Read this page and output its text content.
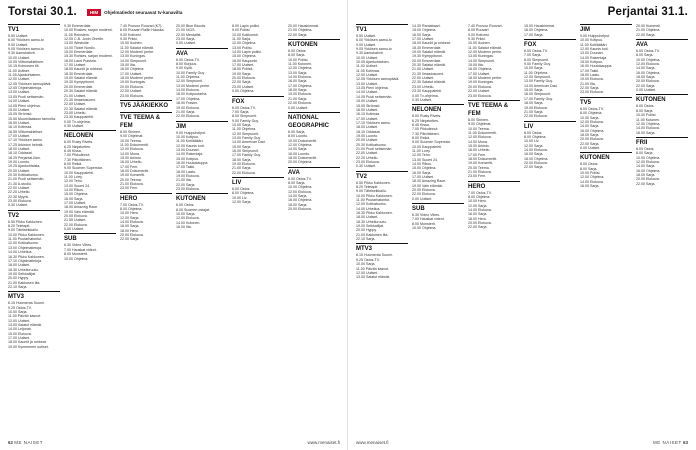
Torstai 30.1.	HIM	Ohjelmatiedot seuraavat tv-kanavilta
TV1
5.50 Uutiset.
6.00 Ykkösen aamu-tv.
9.00 Uutiset.
9.05 Ykkösen aamu-tv.
9.30 Aamukahvit.
10.00 Uutiset.
10.05 Viittomakielinen.
10.15 Kolmosen tili.
11.00 Uutiset.
11.05 Ajankohtainen.
12.00 Uutiset.
12.05 Ykkösen aamupäivä.
12.45 Ohjelmatietoja.
13.00 Uutiset.
13.05 Puoli seitsemän.
14.00 Uutiset.
14.05 Pieni ohjelma.
15.00 Uutiset.
15.05 Strömsö.
15.50 Muumilaakson tarinoita.
16.00 Uutiset.
16.10 Kotimaa.
16.55 Viittomakieliset.
17.00 Uutiset.
17.10 Ykkösen aamu.
17.25 Arkiston helmiä.
18.00 Uutiset.
18.10 Oddasat.
18.25 Perjantai-illan.
19.00 Luonto.
19.25 Ajankohtaista.
20.00 Uutiset.
20.30 Kotikatsomo.
21.00 Puoli seitsemän.
21.30 A-studio.
22.00 Uutiset.
22.20 Urheilu.
22.30 Myyrä.
23.00 Elokuva.
0.30 Uutiset.
TV2
6.50 Pikku Kakkonen.
8.20 Teletapit.
9.00 Tähtiseikkailu.
10.00 Pikku Kakkonen.
11.00 Puutarhatontut.
12.00 Kotikatsomo.
13.00 Ohjelmatietoja.
14.00 Urheilua.
16.30 Pikku Kakkonen.
17.10 Ohjelmatietoja.
18.00 Uutiset.
18.30 Urheiluruutu.
19.00 Seikkailijat.
20.00 Hyppy.
21.00 Kakkosen ilta.
22.10 Sarja.
MTV3
6.15 Huomenta Suomi.
9.25 Ostos-TV.
10.00 Sarja.
11.00 Päivän kasvot.
12.00 Uutiset.
13.00 Salatut elämät.
14.00 Leijonat.
15.00 Elokuva.
17.00 Uutiset.
18.00 Kauniit ja rohkeat.
19.00 Kymmenen uutiset.
9.30 Emmerdale.
10.00 Roskes, sarjan moderni.
11.05 Reinstein.
12.05 C.B. Jonin Ohrelle.
13.00 Westside.
14.00 Ticket Nordic.
15.00 Emmerdale.
15.30 Rohkes, sarjan moderni.
16.00 Lauri Puistola.
17.00 Uutiset.
18.00 Kauniit ja rohkeat.
18.30 Emmerdale.
19.00 Salatut elämät.
19.30 Kymppitonni.
20.00 Emmerdale.
20.30 Salatut elämät.
21.00 Uutiset.
21.30 Ilmastosuomi.
22.00 Uutiset.
22.30 Salatut elämät.
23.00 Urheilu.
23.30 Kauppalehti.
0.00 Tv-ohjelma.
0.30 Uutiset.
NELONEN
6.00 Rusty Rivets.
6.25 Ninjaturtles.
6.45 Kissa.
7.00 Pikkulinnut.
7.30 Päivittäinen.
8.00 Reikä.
9.00 Suomen Superstar.
10.00 Kauppalehti.
11.00 Lorry.
12.00 Teho.
13.00 Suomi 24.
14.00 Rikos.
15.00 Ohjelma.
16.00 Sarja.
17.00 Uutiset.
18.00 Amazing Race.
19.00 Vain elämää.
20.00 Elokuva.
21.55 Uutiset.
22.00 Elokuva.
0.00 Uutiset.
SUB
6.30 Video Vibes.
7.00 Hauskat videot.
8.00 Monsterit.
10.00 Ohjelma.
7.40 Poovoo Ruuvari (K7).
8.00 Ruuvari Rallin Hauska.
9.00 Kotivesi.
9.30 Prikki.
10.00 Ikuinen.
11.00 Salatut elämät.
12.00 Moderni perhe.
13.00 Kuningas.
14.00 Simpsonit.
15.00 Ilta.
16.00 Ohjelma.
17.00 Uutiset.
18.00 Moderni perhe.
19.00 Kuningas.
20.00 Elokuva.
22.00 Uutiset.
23.00 Elokuva.
TV5 JÄÄKIEKKO
TVE TEEMA & FEM
8.00 Sininen.
9.00 Ohjelmat.
10.00 Teema.
11.00 Dokumentti.
12.00 Elokuva.
14.00 Mona.
15.00 Arkisto.
16.00 Urheilu.
17.00 Fem.
18.00 Dokumentti.
19.00 Konsertti.
20.00 Teema.
21.00 Elokuva.
23.00 Fem.
HERO
7.00 Ostos-TV.
8.00 Ohjelma.
10.00 Hero.
12.00 Sarja.
14.00 Elokuva.
16.00 Sarja.
18.00 Hero.
20.00 Elokuva.
22.00 Sarja.
20.00 Blue Bloods.
21.00 NCIS.
22.00 Mentalist.
23.00 Sarja.
0.00 Uutiset.
AVA
6.00 Ostos-TV.
8.00 Kurjuus.
9.00 Kyllä.
10.00 Family Guy.
11.00 Ohjelma.
12.00 Simpsonit.
13.00 Moderni perhe.
14.00 Elokuva.
16.00 Kotipuutarha.
17.00 Ohjelma.
18.00 Frasier.
19.00 Elokuva.
21.00 Sarja.
22.00 Elokuva.
JIM
9.00 Huippuhelpot.
10.00 Kotipuu.
11.00 Kotilääkäri.
12.00 Kaunis koti.
13.00 Duunari.
14.00 Rakentaja.
15.00 Kotipuu.
16.00 Huutokauppa.
17.00 Takki.
18.00 Laatu.
19.00 Elokuva.
21.00 Ilta.
22.00 Sarja.
23.00 Elokuva.
KUTONEN
6.00 Ostos.
8.00 Suomen ostajat.
10.00 Sarja.
12.00 Elokuva.
14.00 Kutonen.
16.00 Ilta.
8.00 Lapin poliisi.
9.00 Poliisi.
10.00 Kotikonsti.
11.00 Sarja.
12.00 Ohjelma.
13.00 Poliisi.
14.00 Lapin poliisi.
15.00 Ohjelma.
16.00 Kaupunki.
17.00 Uutiset.
18.00 Poliisit.
19.00 Sarja.
20.00 Elokuva.
22.00 Sarja.
23.00 Uutiset.
0.00 Ohjelma.
FOX
6.00 Ostos-TV.
7.00 Sarja.
8.00 Simpsonit.
9.00 Family Guy.
10.00 Sarja.
11.00 Ohjelma.
12.00 Simpsonit.
13.00 Family Guy.
14.00 American Dad.
15.00 Sarja.
16.00 Simpsonit.
17.00 Family Guy.
18.00 Sarja.
19.00 Elokuva.
21.00 Sarja.
22.00 Elokuva.
LIV
6.00 Ostos.
8.00 Ohjelma.
10.00 Liv.
12.00 Sarja.
20.00 Hauskimmat.
21.00 Ohjelma.
22.00 Sarja.
KUTONEN
6.00 Ostos.
8.00 Sarja.
10.00 Poliisi.
11.00 Kutonen.
12.00 Ohjelma.
13.00 Sarja.
14.00 Elokuva.
16.00 Sarja.
17.00 Ohjelma.
18.00 Sarja.
19.00 Elokuva.
21.00 Sarja.
22.00 Elokuva.
0.00 Uutiset.
NATIONAL GEOGRAPHIC
6.00 Sarja.
8.00 Luonto.
10.00 Dokumentti.
12.00 Ohjelma.
14.00 Sarja.
16.00 Luonto.
18.00 Dokumentti.
20.00 Ohjelma.
AVA
6.00 Ostos-TV.
8.00 Sarja.
10.00 Ohjelma.
12.00 Elokuva.
14.00 Sarja.
16.00 Ohjelma.
18.00 Sarja.
20.00 Elokuva.
62 ME NAISET	www.menaiset.fi
Perjantai 31.1.
TV1
5.50 Uutiset.
6.00 Ykkösen aamu-tv.
9.00 Uutiset.
9.05 Ykkösen aamu-tv.
9.30 Aamukahvit.
10.00 Uutiset.
10.05 Ajankohtainen.
11.00 Uutiset.
11.05 Kotimaa.
12.00 Uutiset.
12.05 Ykkösen aamupäivä.
13.00 Uutiset.
13.05 Pieni ohjelma.
14.00 Uutiset.
14.05 Puoli seitsemän.
15.00 Uutiset.
15.05 Strömsö.
16.00 Uutiset.
16.10 Kotimaa.
17.00 Uutiset.
17.10 Ykkösen aamu.
18.00 Uutiset.
18.10 Oddasat.
19.00 Luonto.
20.00 Uutiset.
20.30 Kotikatsomo.
21.00 Puoli seitsemän.
22.00 Uutiset.
22.20 Urheilu.
23.00 Elokuva.
0.30 Uutiset.
TV2
6.50 Pikku Kakkonen.
8.20 Teletapit.
9.00 Tähtiseikkailu.
10.00 Pikku Kakkonen.
11.00 Puutarhatontut.
12.00 Kotikatsomo.
14.00 Urheilua.
16.30 Pikku Kakkonen.
18.00 Uutiset.
18.30 Urheiluruutu.
19.00 Seikkailijat.
20.00 Hyppy.
21.00 Kakkosen ilta.
22.10 Sarja.
MTV3
6.15 Huomenta Suomi.
9.25 Ostos-TV.
10.00 Sarja.
11.00 Päivän kasvot.
12.00 Uutiset.
13.00 Salatut elämät.
14.30 Rantabaari.
15.00 Ohjelma.
16.00 Sarja.
17.00 Uutiset.
18.00 Kauniit ja rohkeat.
18.30 Emmerdale.
19.00 Salatut elämät.
19.30 Kymppitonni.
20.00 Emmerdale.
20.30 Salatut elämät.
21.00 Uutiset.
21.30 Ilmastosuomi.
22.00 Uutiset.
22.30 Salatut elämät.
23.00 Urheilu.
23.30 Kauppalehti.
0.00 Tv-ohjelma.
0.30 Uutiset.
NELONEN
6.00 Rusty Rivets.
6.25 Ninjaturtles.
6.45 Kissa.
7.00 Pikkulinnut.
7.30 Päivittäinen.
8.00 Reikä.
9.00 Suomen Superstar.
10.00 Kauppalehti.
11.00 Lorry.
12.00 Teho.
13.00 Suomi 24.
14.00 Rikos.
15.00 Ohjelma.
16.00 Sarja.
17.00 Uutiset.
18.00 Amazing Race.
19.00 Vain elämää.
20.00 Elokuva.
22.00 Elokuva.
0.00 Uutiset.
SUB
6.30 Video Vibes.
7.00 Hauskat videot.
8.00 Monsterit.
10.00 Ohjelma.
7.40 Poovoo Ruuvari.
8.00 Ruuvari.
9.00 Kotivesi.
9.30 Prikki.
10.00 Ikuinen.
11.00 Salatut elämät.
12.00 Moderni perhe.
13.00 Kuningas.
14.00 Simpsonit.
15.00 Ilta.
16.00 Ohjelma.
17.00 Uutiset.
18.00 Moderni perhe.
19.00 Kuningas.
20.00 Elokuva.
22.00 Uutiset.
23.00 Elokuva.
TVE TEEMA & FEM
8.00 Sininen.
9.00 Ohjelmat.
10.00 Teema.
11.00 Dokumentti.
12.00 Elokuva.
14.00 Mona.
15.00 Arkisto.
16.00 Urheilu.
17.00 Fem.
18.00 Dokumentti.
19.00 Konsertti.
20.00 Teema.
21.00 Elokuva.
23.00 Fem.
HERO
7.00 Ostos-TV.
8.00 Ohjelma.
10.00 Hero.
12.00 Sarja.
14.00 Elokuva.
16.00 Sarja.
18.00 Hero.
20.00 Elokuva.
22.00 Sarja.
15.00 Hauskimmat.
16.00 Ohjelma.
17.00 Sarja.
FOX
6.00 Ostos-TV.
7.00 Sarja.
8.00 Simpsonit.
9.00 Family Guy.
10.00 Sarja.
11.00 Ohjelma.
12.00 Simpsonit.
13.00 Family Guy.
14.00 American Dad.
15.00 Sarja.
16.00 Simpsonit.
17.00 Family Guy.
18.00 Sarja.
19.00 Elokuva.
21.00 Sarja.
22.00 Elokuva.
LIV
6.00 Ostos.
8.00 Ohjelma.
10.00 Liv.
12.00 Sarja.
14.00 Elokuva.
16.00 Sarja.
18.00 Ohjelma.
20.00 Elokuva.
22.00 Sarja.
JIM
9.00 Huippuhelpot.
10.00 Kotipuu.
11.00 Kotilääkäri.
12.00 Kaunis koti.
13.00 Duunari.
14.00 Rakentaja.
15.00 Kotipuu.
16.00 Huutokauppa.
17.00 Takki.
18.00 Laatu.
19.00 Elokuva.
21.00 Ilta.
22.00 Sarja.
23.00 Elokuva.
TV5
6.00 Ostos-TV.
8.00 Ohjelma.
10.00 Sarja.
12.00 Elokuva.
14.00 Sarja.
16.00 Ohjelma.
18.00 Sarja.
20.00 Elokuva.
22.00 Sarja.
0.00 Uutiset.
KUTONEN
6.00 Ostos.
8.00 Sarja.
10.00 Poliisi.
12.00 Ohjelma.
14.00 Elokuva.
16.00 Sarja.
20.00 Kummeli.
21.00 Ohjelma.
22.00 Sarja.
AVA
6.00 Ostos-TV.
8.00 Sarja.
10.00 Ohjelma.
12.00 Elokuva.
14.00 Sarja.
16.00 Ohjelma.
18.00 Sarja.
20.00 Elokuva.
22.00 Sarja.
0.00 Uutiset.
KUTONEN
6.00 Ostos.
8.00 Sarja.
10.00 Poliisi.
11.00 Kutonen.
12.00 Ohjelma.
14.00 Elokuva.
16.00 Sarja.
FRII
6.00 Ostos.
8.00 Sarja.
10.00 Ohjelma.
12.00 Elokuva.
14.00 Sarja.
16.00 Ohjelma.
18.00 Sarja.
20.00 Elokuva.
22.00 Sarja.
www.menaiset.fi	ME NAISET 63
